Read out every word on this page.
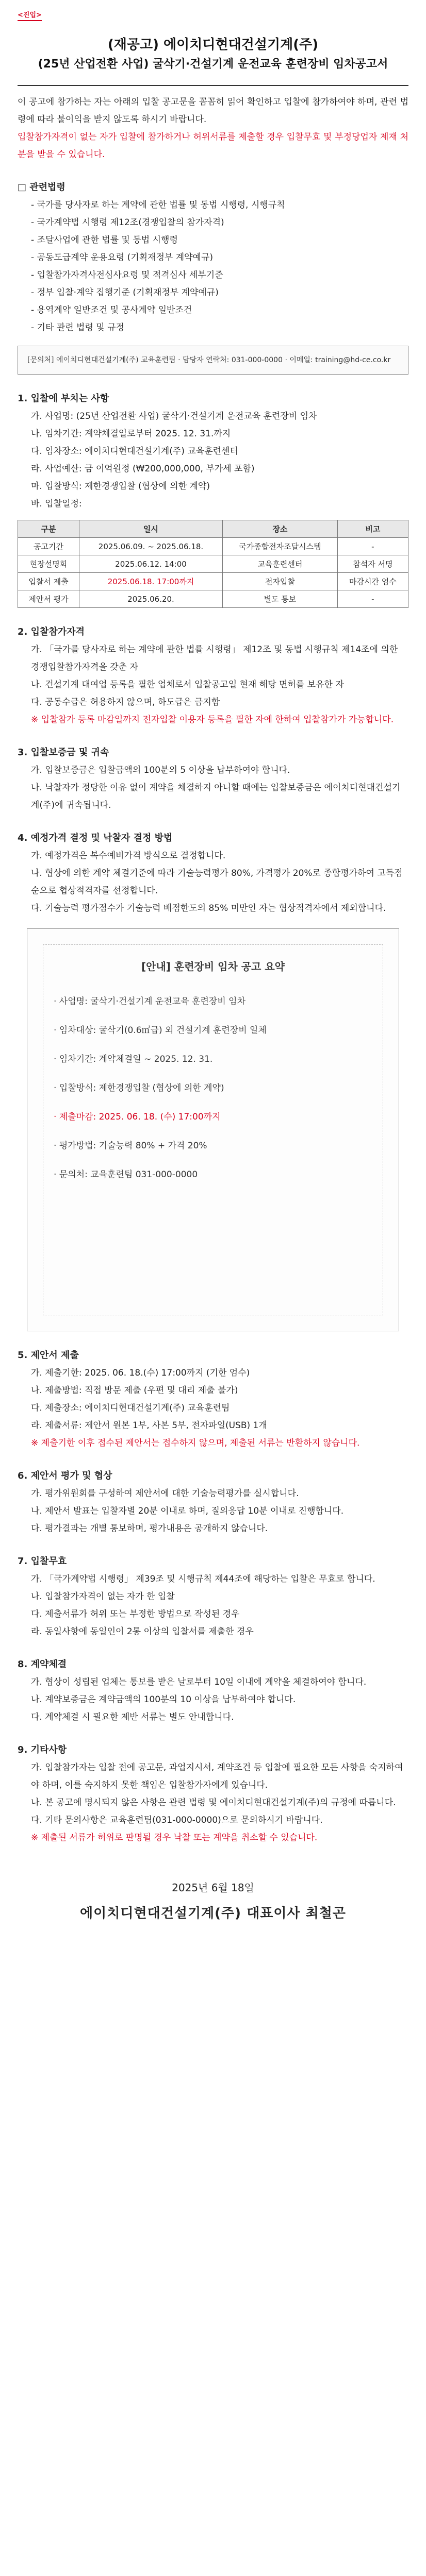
<진입>
(재공고) 에이치디현대건설기계(주)
(25년 산업전환 사업) 굴삭기·건설기계 운전교육 훈련장비 임차공고서

이 공고에 참가하는 자는 아래의 입찰 공고문을 꼼꼼히 읽어 확인하고 입찰에 참가하여야 하며, 관련 법령에 따라 불이익을 받지 않도록 하시기 바랍니다.

입찰참가자격이 없는 자가 입찰에 참가하거나 허위서류를 제출할 경우 입찰무효 및 부정당업자 제재 처분을 받을 수 있습니다.

□ 관련법령
- 국가를 당사자로 하는 계약에 관한 법률 및 동법 시행령, 시행규칙
- 국가계약법 시행령 제12조(경쟁입찰의 참가자격)
- 조달사업에 관한 법률 및 동법 시행령
- 공동도급계약 운용요령 (기획재정부 계약예규)
- 입찰참가자격사전심사요령 및 적격심사 세부기준
- 정부 입찰·계약 집행기준 (기획재정부 계약예규)
- 용역계약 일반조건 및 공사계약 일반조건
- 기타 관련 법령 및 규정
[문의처] 에이치디현대건설기계(주) 교육훈련팀 · 담당자 연락처: 031-000-0000 · 이메일: training@hd-ce.co.kr
1. 입찰에 부치는 사항
가. 사업명: (25년 산업전환 사업) 굴삭기·건설기계 운전교육 훈련장비 임차
나. 임차기간: 계약체결일로부터 2025. 12. 31.까지
다. 임차장소: 에이치디현대건설기계(주) 교육훈련센터
라. 사업예산: 금 이억원정 (₩200,000,000, 부가세 포함)
마. 입찰방식: 제한경쟁입찰 (협상에 의한 계약)
바. 입찰일정:
구분	일시	장소	비고
공고기간	2025.06.09. ~ 2025.06.18.	국가종합전자조달시스템	-
현장설명회	2025.06.12. 14:00	교육훈련센터	참석자 서명
입찰서 제출	2025.06.18. 17:00까지	전자입찰	마감시간 엄수
제안서 평가	2025.06.20.	별도 통보	-
2. 입찰참가자격
가. 「국가를 당사자로 하는 계약에 관한 법률 시행령」 제12조 및 동법 시행규칙 제14조에 의한 경쟁입찰참가자격을 갖춘 자
나. 건설기계 대여업 등록을 필한 업체로서 입찰공고일 현재 해당 면허를 보유한 자
다. 공동수급은 허용하지 않으며, 하도급은 금지함
※ 입찰참가 등록 마감일까지 전자입찰 이용자 등록을 필한 자에 한하여 입찰참가가 가능합니다.
3. 입찰보증금 및 귀속
가. 입찰보증금은 입찰금액의 100분의 5 이상을 납부하여야 합니다.
나. 낙찰자가 정당한 이유 없이 계약을 체결하지 아니할 때에는 입찰보증금은 에이치디현대건설기계(주)에 귀속됩니다.
4. 예정가격 결정 및 낙찰자 결정 방법
가. 예정가격은 복수예비가격 방식으로 결정합니다.
나. 협상에 의한 계약 체결기준에 따라 기술능력평가 80%, 가격평가 20%로 종합평가하여 고득점 순으로 협상적격자를 선정합니다.
다. 기술능력 평가점수가 기술능력 배점한도의 85% 미만인 자는 협상적격자에서 제외합니다.
[안내] 훈련장비 임차 공고 요약
· 사업명: 굴삭기·건설기계 운전교육 훈련장비 임차
· 임차대상: 굴삭기(0.6㎥급) 외 건설기계 훈련장비 일체
· 임차기간: 계약체결일 ~ 2025. 12. 31.
· 입찰방식: 제한경쟁입찰 (협상에 의한 계약)
· 제출마감: 2025. 06. 18. (수) 17:00까지
· 평가방법: 기술능력 80% + 가격 20%
· 문의처: 교육훈련팀 031-000-0000
5. 제안서 제출
가. 제출기한: 2025. 06. 18.(수) 17:00까지 (기한 엄수)
나. 제출방법: 직접 방문 제출 (우편 및 대리 제출 불가)
다. 제출장소: 에이치디현대건설기계(주) 교육훈련팀
라. 제출서류: 제안서 원본 1부, 사본 5부, 전자파일(USB) 1개
※ 제출기한 이후 접수된 제안서는 접수하지 않으며, 제출된 서류는 반환하지 않습니다.
6. 제안서 평가 및 협상
가. 평가위원회를 구성하여 제안서에 대한 기술능력평가를 실시합니다.
나. 제안서 발표는 입찰자별 20분 이내로 하며, 질의응답 10분 이내로 진행합니다.
다. 평가결과는 개별 통보하며, 평가내용은 공개하지 않습니다.
7. 입찰무효
가. 「국가계약법 시행령」 제39조 및 시행규칙 제44조에 해당하는 입찰은 무효로 합니다.
나. 입찰참가자격이 없는 자가 한 입찰
다. 제출서류가 허위 또는 부정한 방법으로 작성된 경우
라. 동일사항에 동일인이 2통 이상의 입찰서를 제출한 경우
8. 계약체결
가. 협상이 성립된 업체는 통보를 받은 날로부터 10일 이내에 계약을 체결하여야 합니다.
나. 계약보증금은 계약금액의 100분의 10 이상을 납부하여야 합니다.
다. 계약체결 시 필요한 제반 서류는 별도 안내합니다.
9. 기타사항
가. 입찰참가자는 입찰 전에 공고문, 과업지시서, 계약조건 등 입찰에 필요한 모든 사항을 숙지하여야 하며, 이를 숙지하지 못한 책임은 입찰참가자에게 있습니다.
나. 본 공고에 명시되지 않은 사항은 관련 법령 및 에이치디현대건설기계(주)의 규정에 따릅니다.
다. 기타 문의사항은 교육훈련팀(031-000-0000)으로 문의하시기 바랍니다.
※ 제출된 서류가 허위로 판명될 경우 낙찰 또는 계약을 취소할 수 있습니다.
2025년 6월 18일
에이치디현대건설기계(주) 대표이사 최철곤
